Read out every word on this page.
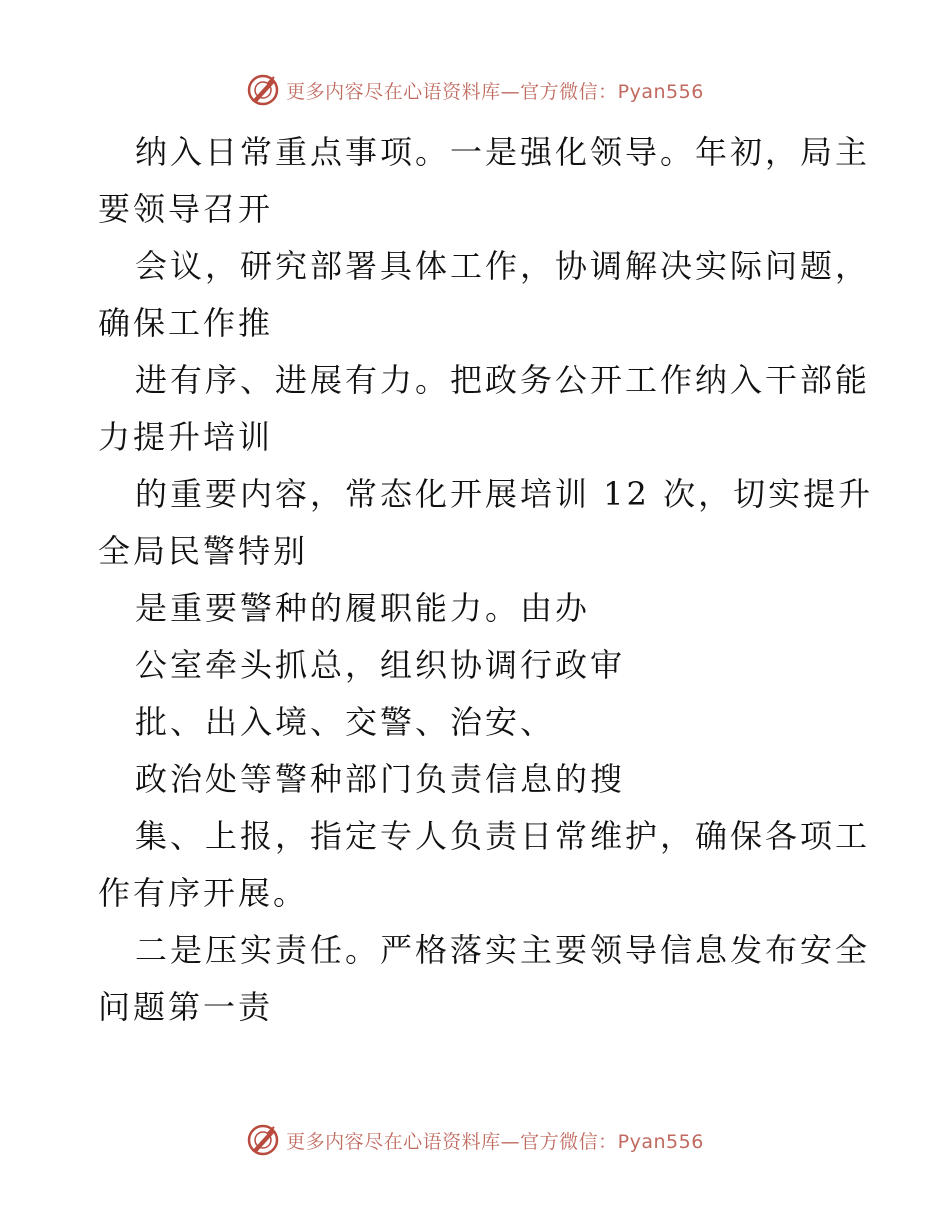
更多内容尽在心语资料库—官方微信：Pyan556

纳入日常重点事项。一是强化领导。年初，局主

要领导召开

会议，研究部署具体工作，协调解决实际问题，

确保工作推

进有序、进展有力。把政务公开工作纳入干部能

力提升培训

的重要内容，常态化开展培训 12 次，切实提升

全局民警特别

是重要警种的履职能力。由办

公室牵头抓总，组织协调行政审

批、出入境、交警、治安、

政治处等警种部门负责信息的搜

集、上报，指定专人负责日常维护，确保各项工

作有序开展。

二是压实责任。严格落实主要领导信息发布安全

问题第一责

更多内容尽在心语资料库—官方微信：Pyan556
